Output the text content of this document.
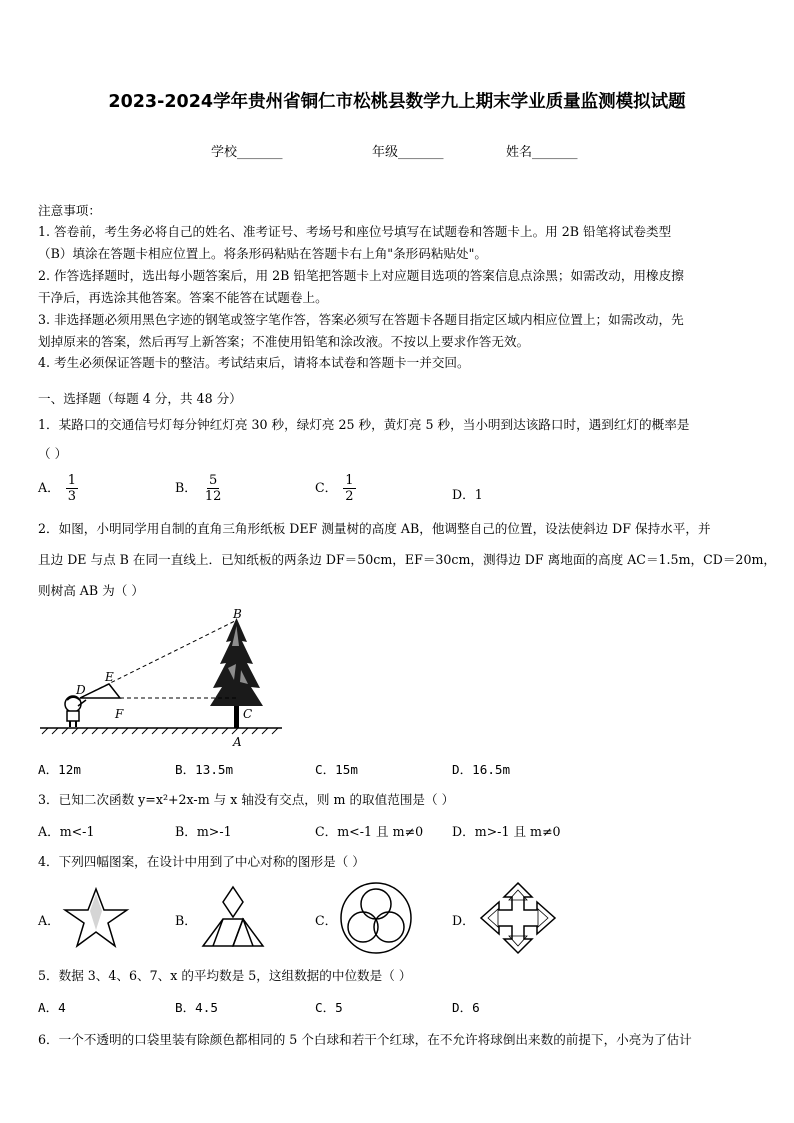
2023-2024学年贵州省铜仁市松桃县数学九上期末学业质量监测模拟试题
学校_______	年级_______	姓名_______
注意事项：
1. 答卷前，考生务必将自己的姓名、准考证号、考场号和座位号填写在试题卷和答题卡上。用 2B 铅笔将试卷类型
（B）填涂在答题卡相应位置上。将条形码粘贴在答题卡右上角"条形码粘贴处"。
2. 作答选择题时，选出每小题答案后，用 2B 铅笔把答题卡上对应题目选项的答案信息点涂黑；如需改动，用橡皮擦
干净后，再选涂其他答案。答案不能答在试题卷上。
3. 非选择题必须用黑色字迹的钢笔或签字笔作答，答案必须写在答题卡各题目指定区域内相应位置上；如需改动，先
划掉原来的答案，然后再写上新答案；不准使用铅笔和涂改液。不按以上要求作答无效。
4. 考生必须保证答题卡的整洁。考试结束后，请将本试卷和答题卡一并交回。
一、选择题（每题 4 分，共 48 分）
1．某路口的交通信号灯每分钟红灯亮 30 秒，绿灯亮 25 秒，黄灯亮 5 秒，当小明到达该路口时，遇到红灯的概率是
（ ）
A． $\frac{1}{3}$	B． $\frac{5}{12}$	C． $\frac{1}{2}$	D．1
2．如图，小明同学用自制的直角三角形纸板 DEF 测量树的高度 AB，他调整自己的位置，设法使斜边 DF 保持水平，并
且边 DE 与点 B 在同一直线上．已知纸板的两条边 DF＝50cm，EF＝30cm，测得边 DF 离地面的高度 AC＝1.5m，CD＝20m，
则树高 AB 为（ ）
B
E
D
F	C
A
A．12m	B．13.5m	C．15m	D．16.5m
3．已知二次函数 y=x²+2x-m 与 x 轴没有交点，则 m 的取值范围是（ ）
A．m<-1	B．m>-1	C．m<-1 且 m≠0 D．m>-1 且 m≠0
4．下列四幅图案，在设计中用到了中心对称的图形是（ ）
A．	B．	C．	D．
5．数据 3、4、6、7、x 的平均数是 5，这组数据的中位数是（ ）
A．4	B．4.5	C．5	D．6
6．一个不透明的口袋里装有除颜色都相同的 5 个白球和若干个红球，在不允许将球倒出来数的前提下，小亮为了估计
